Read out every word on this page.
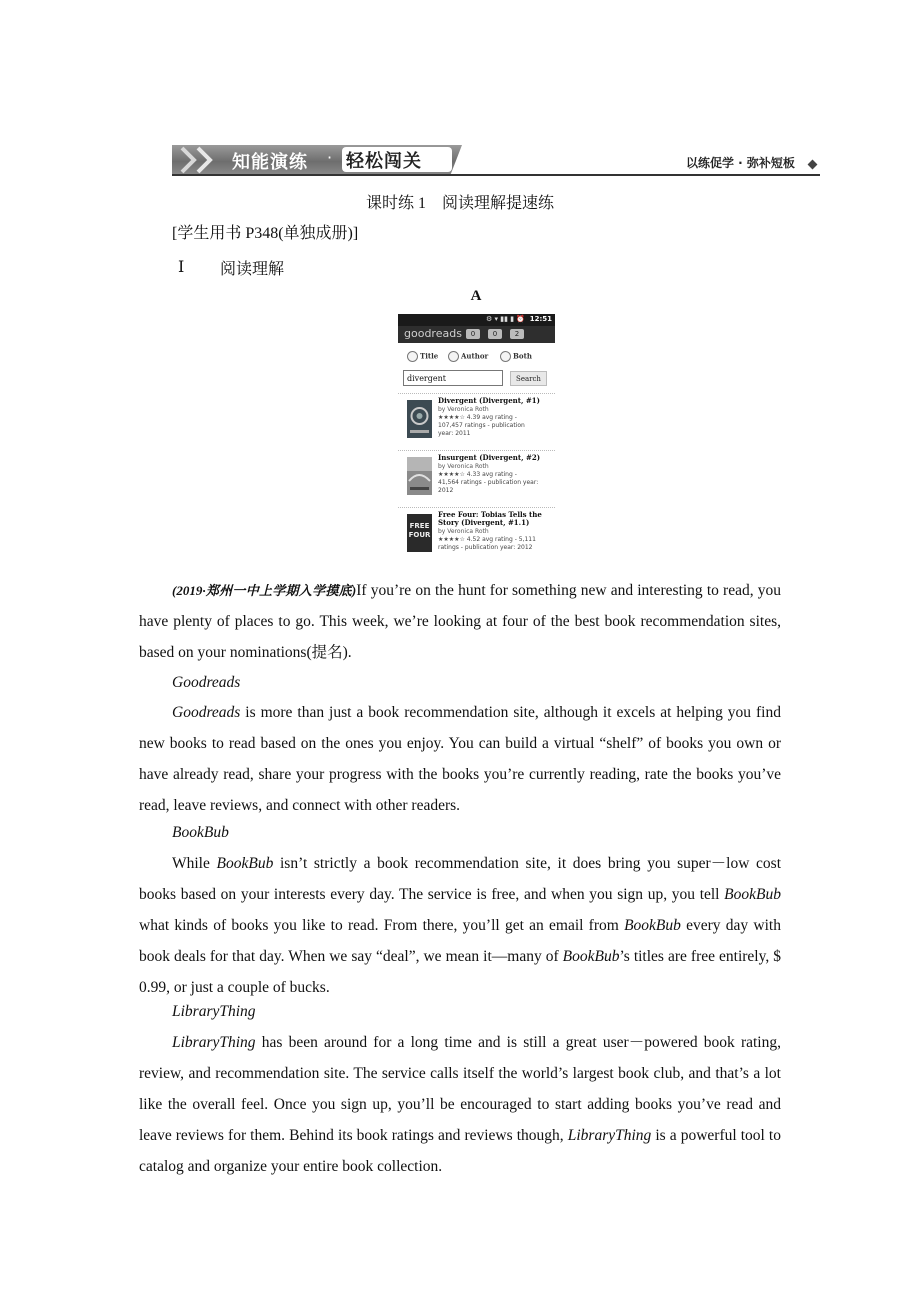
知能演练 · 轻松闯关	以练促学 · 弥补短板
课时练 1　阅读理解提速练
[学生用书 P348(单独成册)]
Ⅰ 阅读理解
A
⚙ ▾ ▮▮ ▮ ⏰ 12:51
goodreads	0	0	2
Title	Author	Both
divergent	Search
Divergent (Divergent, #1)
by Veronica Roth
★★★★☆ 4.39 avg rating -
107,457 ratings - publication
year: 2011
Insurgent (Divergent, #2)
by Veronica Roth
★★★★☆ 4.33 avg rating -
41,564 ratings - publication year:
2012
FREE FOUR
Free Four: Tobias Tells the Story (Divergent, #1.1)
by Veronica Roth
★★★★☆ 4.52 avg rating - 5,111
ratings - publication year: 2012

(2019·郑州一中上学期入学摸底)If you’re on the hunt for something new and interesting to read, you have plenty of places to go. This week, we’re looking at four of the best book recommendation sites, based on your nominations(提名).

Goodreads

Goodreads is more than just a book recommendation site, although it excels at helping you find new books to read based on the ones you enjoy. You can build a virtual “shelf” of books you own or have already read, share your progress with the books you’re currently reading, rate the books you’ve read, leave reviews, and connect with other readers.

BookBub

While BookBub isn’t strictly a book recommendation site, it does bring you super－low cost books based on your interests every day. The service is free, and when you sign up, you tell BookBub what kinds of books you like to read. From there, you’ll get an email from BookBub every day with book deals for that day. When we say “deal”, we mean it—many of BookBub’s titles are free entirely, $ 0.99, or just a couple of bucks.

LibraryThing

LibraryThing has been around for a long time and is still a great user－powered book rating, review, and recommendation site. The service calls itself the world’s largest book club, and that’s a lot like the overall feel. Once you sign up, you’ll be encouraged to start adding books you’ve read and leave reviews for them. Behind its book ratings and reviews though, LibraryThing is a powerful tool to catalog and organize your entire book collection.
